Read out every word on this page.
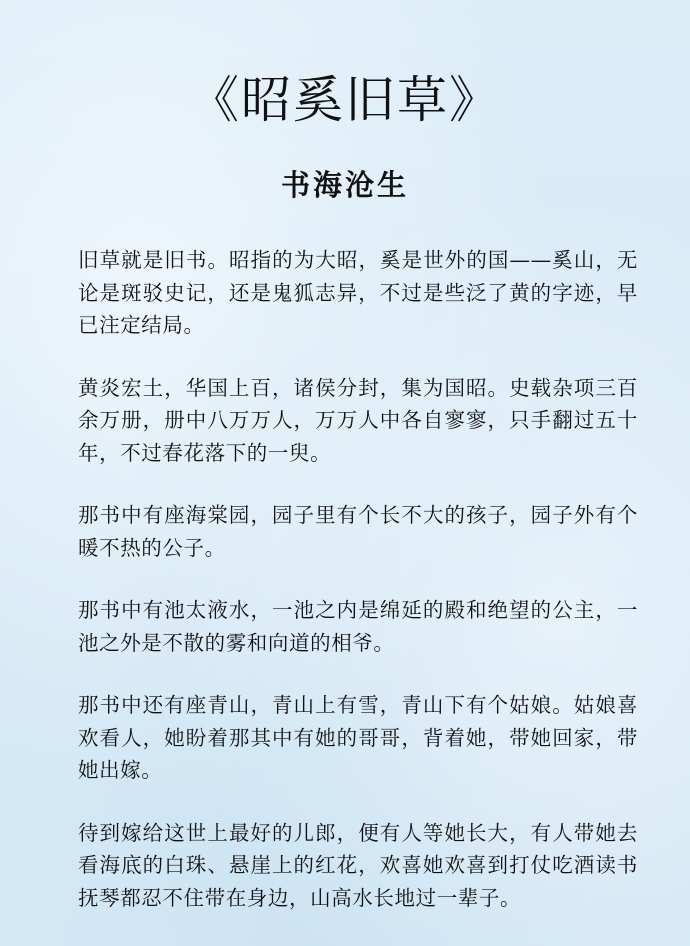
《昭奚旧草》
书海沧生

旧草就是旧书。昭指的为大昭，奚是世外的国——奚山，无论是斑驳史记，还是鬼狐志异，不过是些泛了黄的字迹，早已注定结局。

黄炎宏土，华国上百，诸侯分封，集为国昭。史载杂项三百余万册，册中八万万人，万万人中各自寥寥，只手翻过五十年，不过春花落下的一臾。

那书中有座海棠园，园子里有个长不大的孩子，园子外有个暖不热的公子。

那书中有池太液水，一池之内是绵延的殿和绝望的公主，一池之外是不散的雾和向道的相爷。

那书中还有座青山，青山上有雪，青山下有个姑娘。姑娘喜欢看人，她盼着那其中有她的哥哥，背着她，带她回家，带她出嫁。

待到嫁给这世上最好的儿郎，便有人等她长大，有人带她去看海底的白珠、悬崖上的红花，欢喜她欢喜到打仗吃酒读书抚琴都忍不住带在身边，山高水长地过一辈子。
